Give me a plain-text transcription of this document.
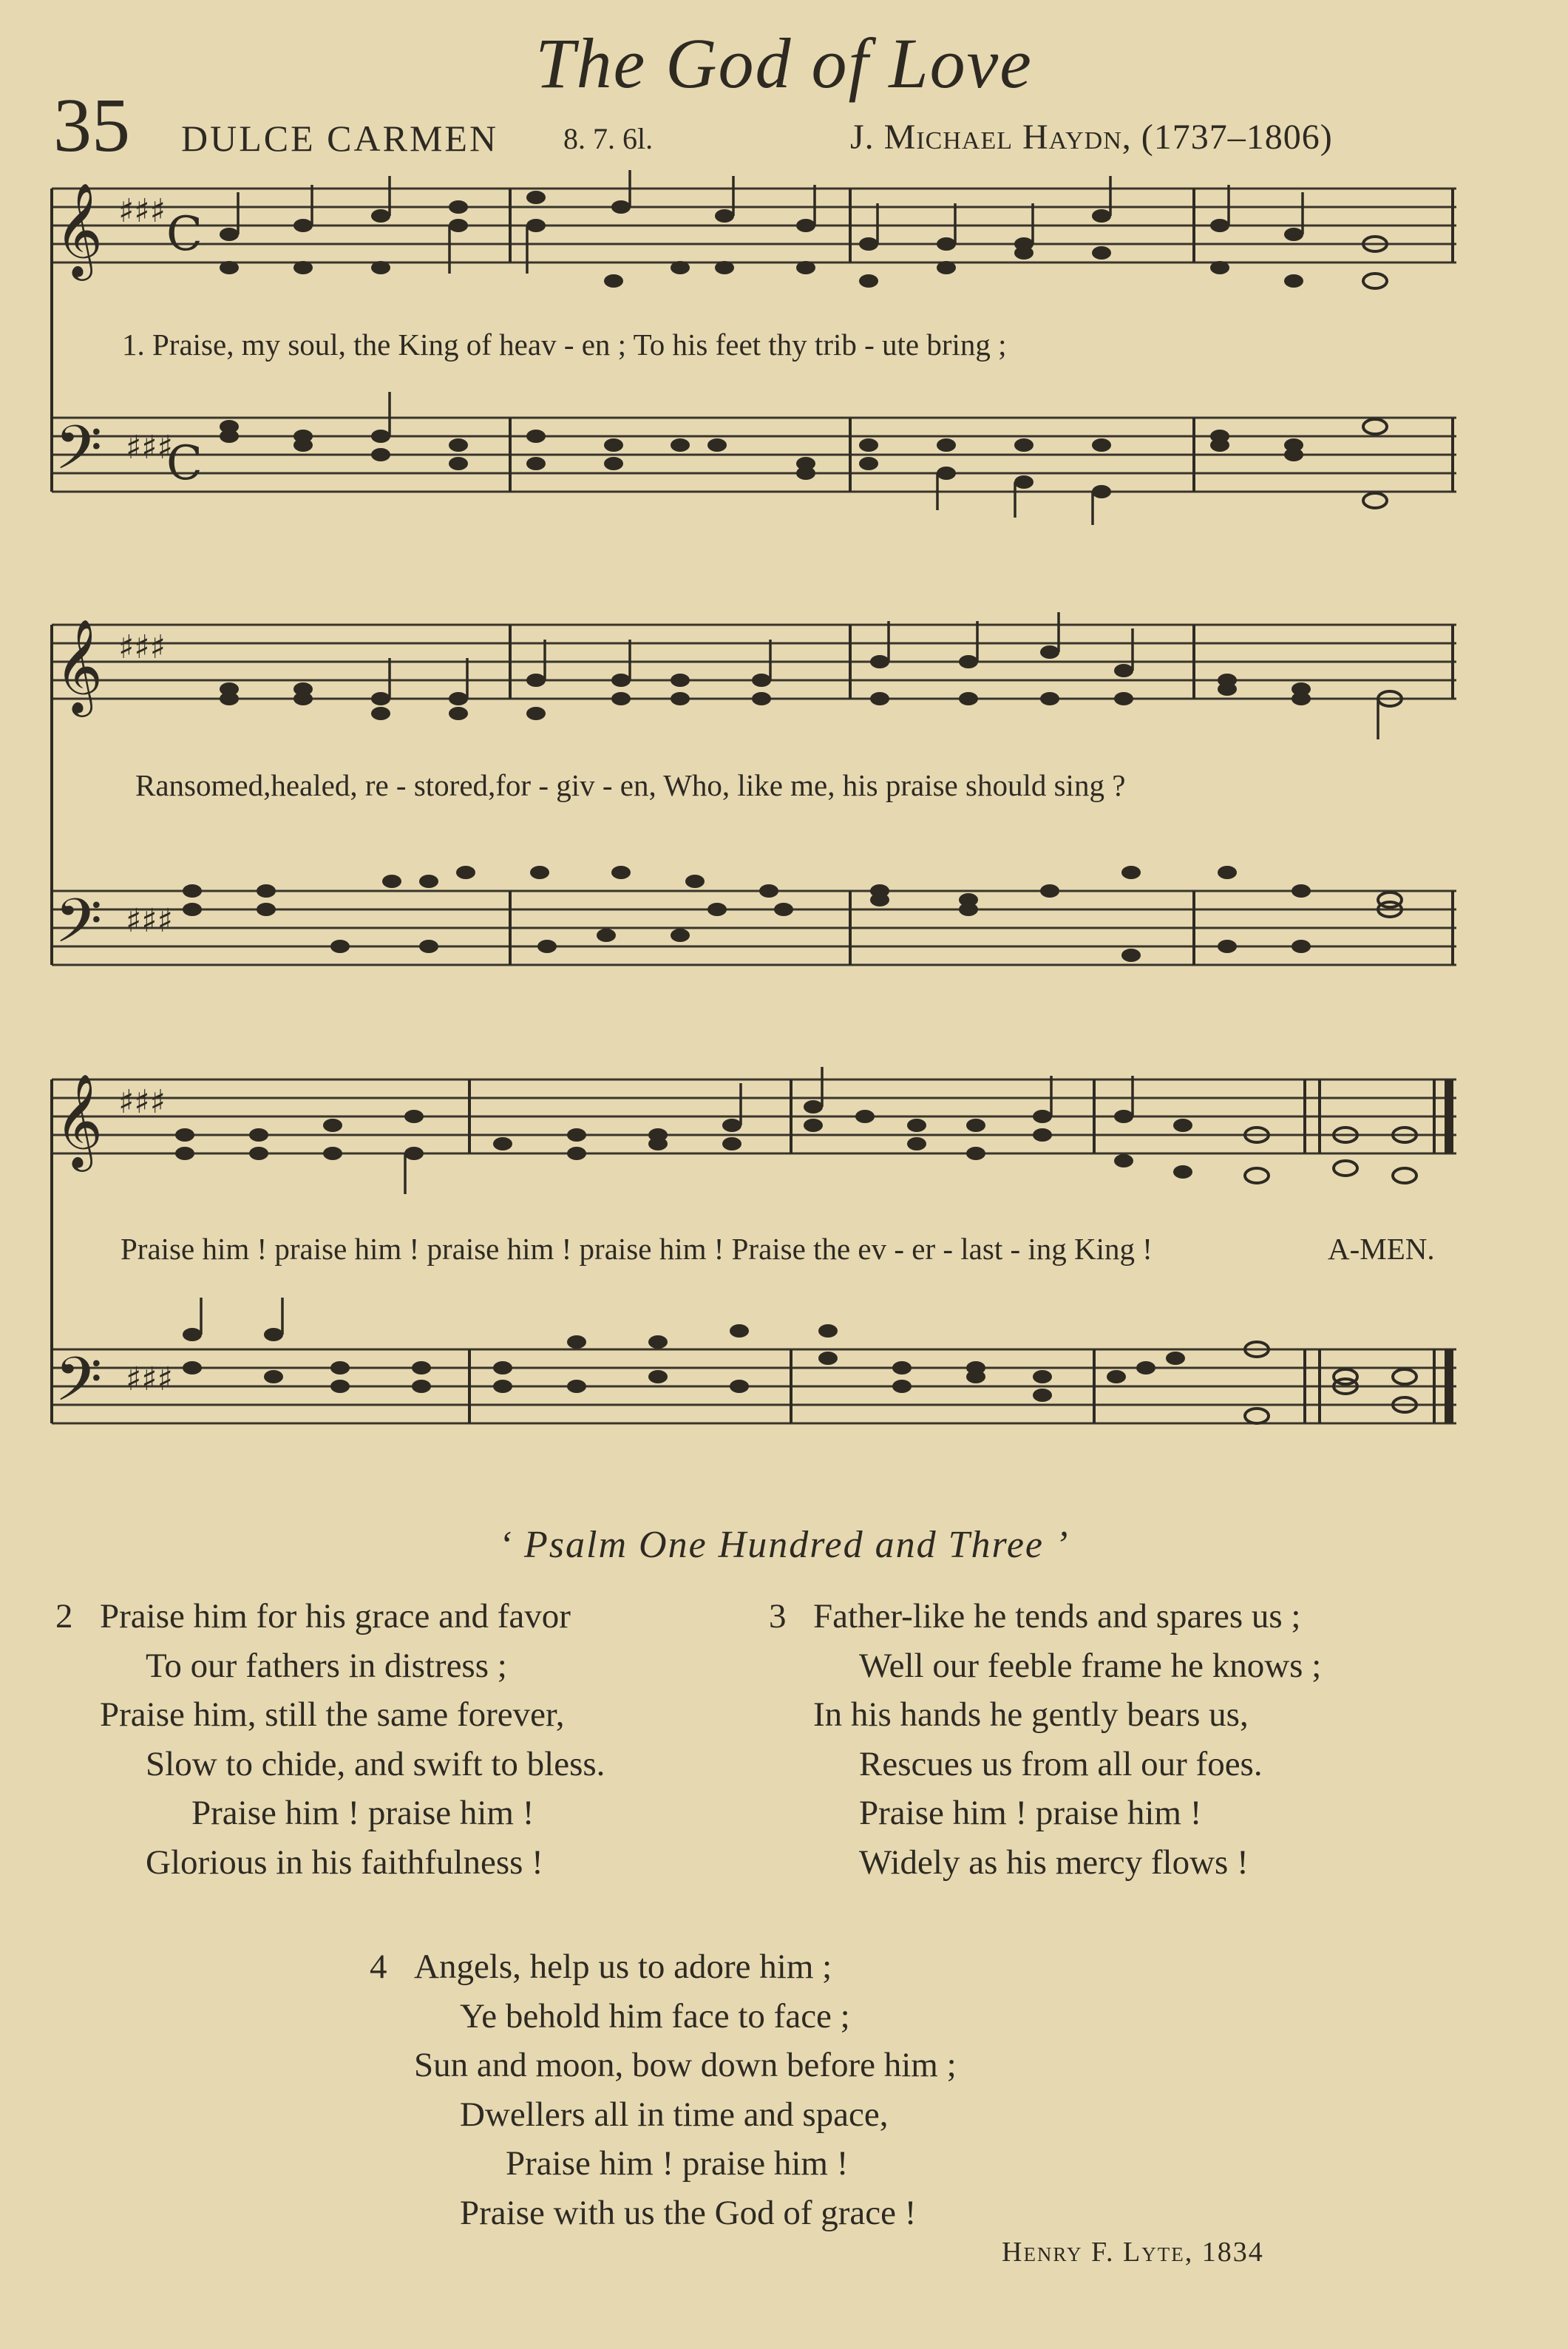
The God of Love
35 DULCE CARMEN 8. 7. 6l.	J. Michael Haydn, (1737–1806)
𝄞 ♯♯♯ C
𝄢 ♯♯♯
C
1. Praise, my soul, the King of heav - en ; To his feet thy trib - ute bring ;
𝄞 ♯♯♯
𝄢 ♯♯♯
Ransomed,healed, re - stored,for - giv - en, Who, like me, his praise should sing ?
𝄞 ♯♯♯
𝄢 ♯♯♯
Praise him ! praise him ! praise him ! praise him ! Praise the ev - er - last - ing King !	A-MEN.
‘ Psalm One Hundred and Three ’
2 Praise him for his grace and favor
To our fathers in distress ;
Praise him, still the same forever,
Slow to chide, and swift to bless.
Praise him ! praise him !
Glorious in his faithfulness !
3 Father-like he tends and spares us ;
Well our feeble frame he knows ;
In his hands he gently bears us,
Rescues us from all our foes.
Praise him ! praise him !
Widely as his mercy flows !
4 Angels, help us to adore him ;
Ye behold him face to face ;
Sun and moon, bow down before him ;
Dwellers all in time and space,
Praise him ! praise him !
Praise with us the God of grace !
Henry F. Lyte, 1834
